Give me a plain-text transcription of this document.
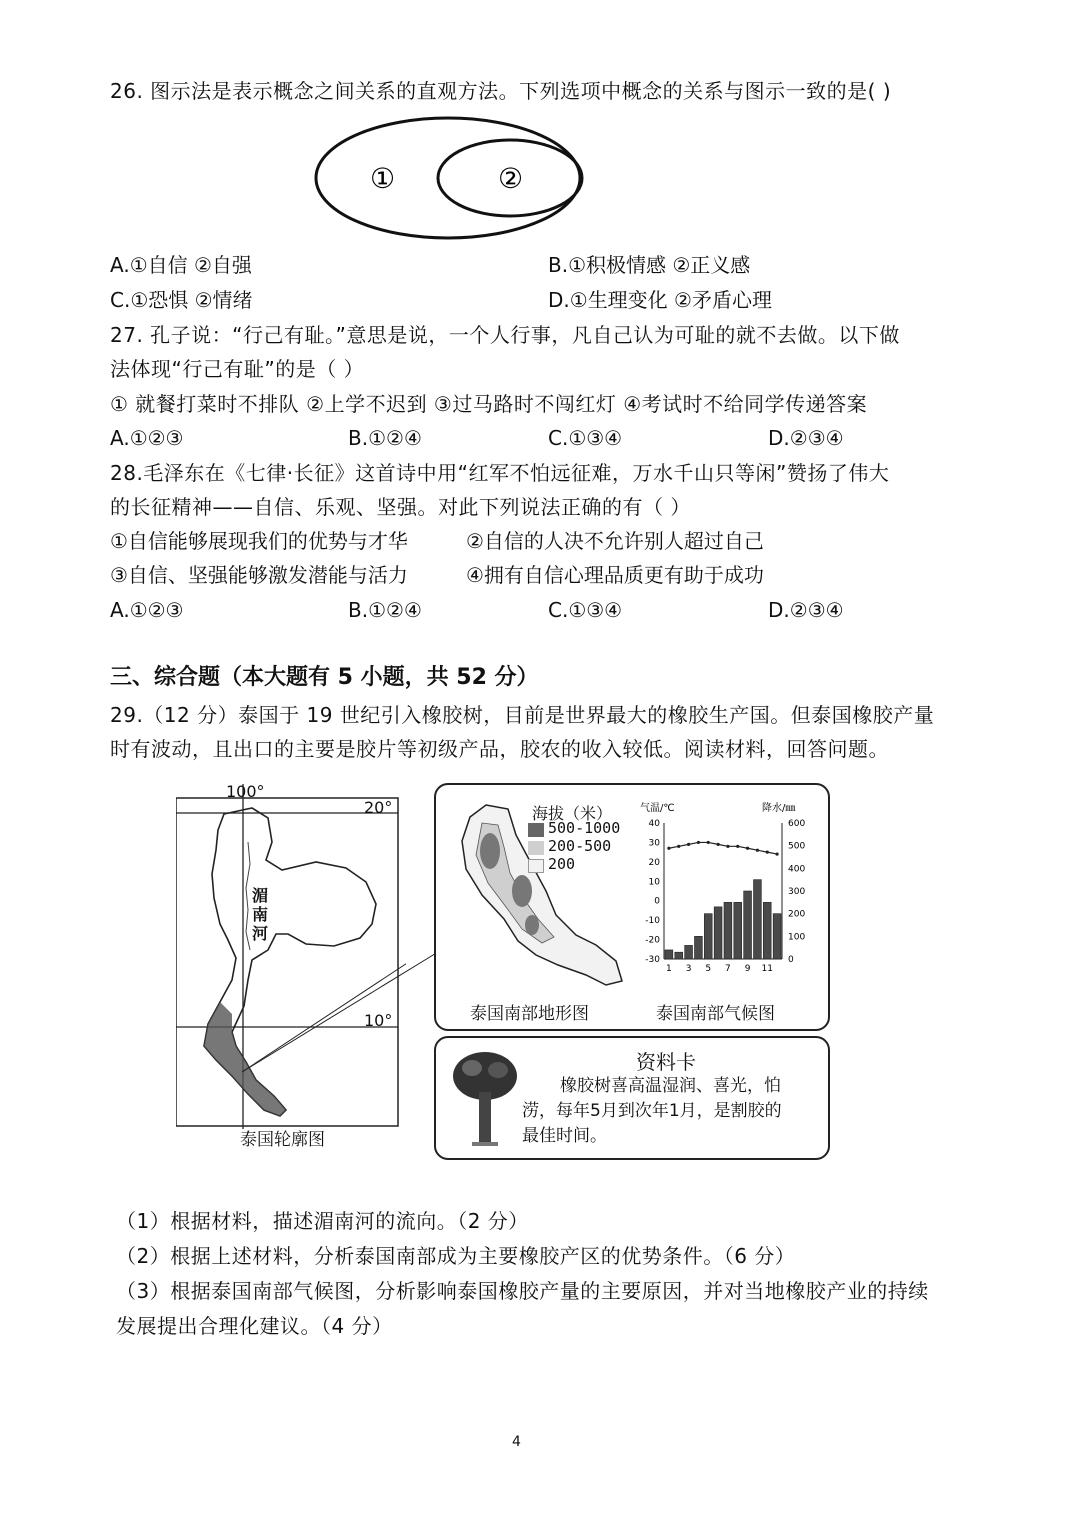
26. 图示法是表示概念之间关系的直观方法。下列选项中概念的关系与图示一致的是( )
①	②
A.①自信 ②自强	B.①积极情感 ②正义感
C.①恐惧 ②情绪	D.①生理变化 ②矛盾心理
27. 孔子说：“行己有耻。”意思是说，一个人行事，凡自己认为可耻的就不去做。以下做
法体现“行己有耻”的是（ ）
① 就餐打菜时不排队 ②上学不迟到 ③过马路时不闯红灯 ④考试时不给同学传递答案
A.①②③	B.①②④	C.①③④	D.②③④
28.毛泽东在《七律·长征》这首诗中用“红军不怕远征难，万水千山只等闲”赞扬了伟大
的长征精神——自信、乐观、坚强。对此下列说法正确的有（ ）
①自信能够展现我们的优势与才华	②自信的人决不允许别人超过自己
③自信、坚强能够激发潜能与活力	④拥有自信心理品质更有助于成功
A.①②③	B.①②④	C.①③④	D.②③④
三、综合题（本大题有 5 小题，共 52 分）
29.（12 分）泰国于 19 世纪引入橡胶树，目前是世界最大的橡胶生产国。但泰国橡胶产量
时有波动，且出口的主要是胶片等初级产品，胶农的收入较低。阅读材料，回答问题。
100°
20°
10°
湄南河
泰国轮廓图
海拔（米）
500-1000
200-500
200
泰国南部地形图
气温/℃	降水/㎜
40
30
20
10
0
-10
-20
-30
600
500
400
300
200
100
0
1 3 5 7 9 11
泰国南部气候图
资料卡
橡胶树喜高温湿润、喜光，怕
涝，每年5月到次年1月，是割胶的
最佳时间。
（1）根据材料，描述湄南河的流向。（2 分）
（2）根据上述材料，分析泰国南部成为主要橡胶产区的优势条件。（6 分）
（3）根据泰国南部气候图，分析影响泰国橡胶产量的主要原因，并对当地橡胶产业的持续
发展提出合理化建议。（4 分）
4
